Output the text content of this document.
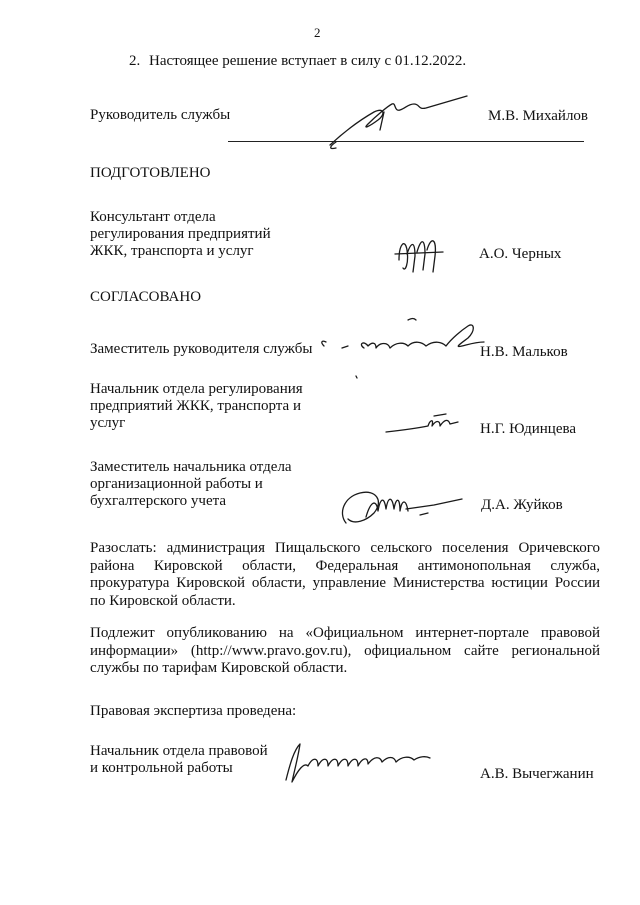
2
2. Настоящее решение вступает в силу с 01.12.2022.
Руководитель службы	М.В. Михайлов
ПОДГОТОВЛЕНО
Консультант отдела
регулирования предприятий
ЖКК, транспорта и услуг	А.О. Черных
СОГЛАСОВАНО
Заместитель руководителя службы	Н.В. Мальков
Начальник отдела регулирования
предприятий ЖКК, транспорта и
услуг	Н.Г. Юдинцева
Заместитель начальника отдела
организационной работы и
бухгалтерского учета	Д.А. Жуйков
Разослать: администрация Пищальского сельского поселения Оричевского района Кировской области, Федеральная антимонопольная служба, прокуратура Кировской области, управление Министерства юстиции России по Кировской области.
Подлежит опубликованию на «Официальном интернет-портале правовой информации» (http://www.pravo.gov.ru), официальном сайте региональной службы по тарифам Кировской области.
Правовая экспертиза проведена:
Начальник отдела правовой
и контрольной работы	А.В. Вычегжанин
